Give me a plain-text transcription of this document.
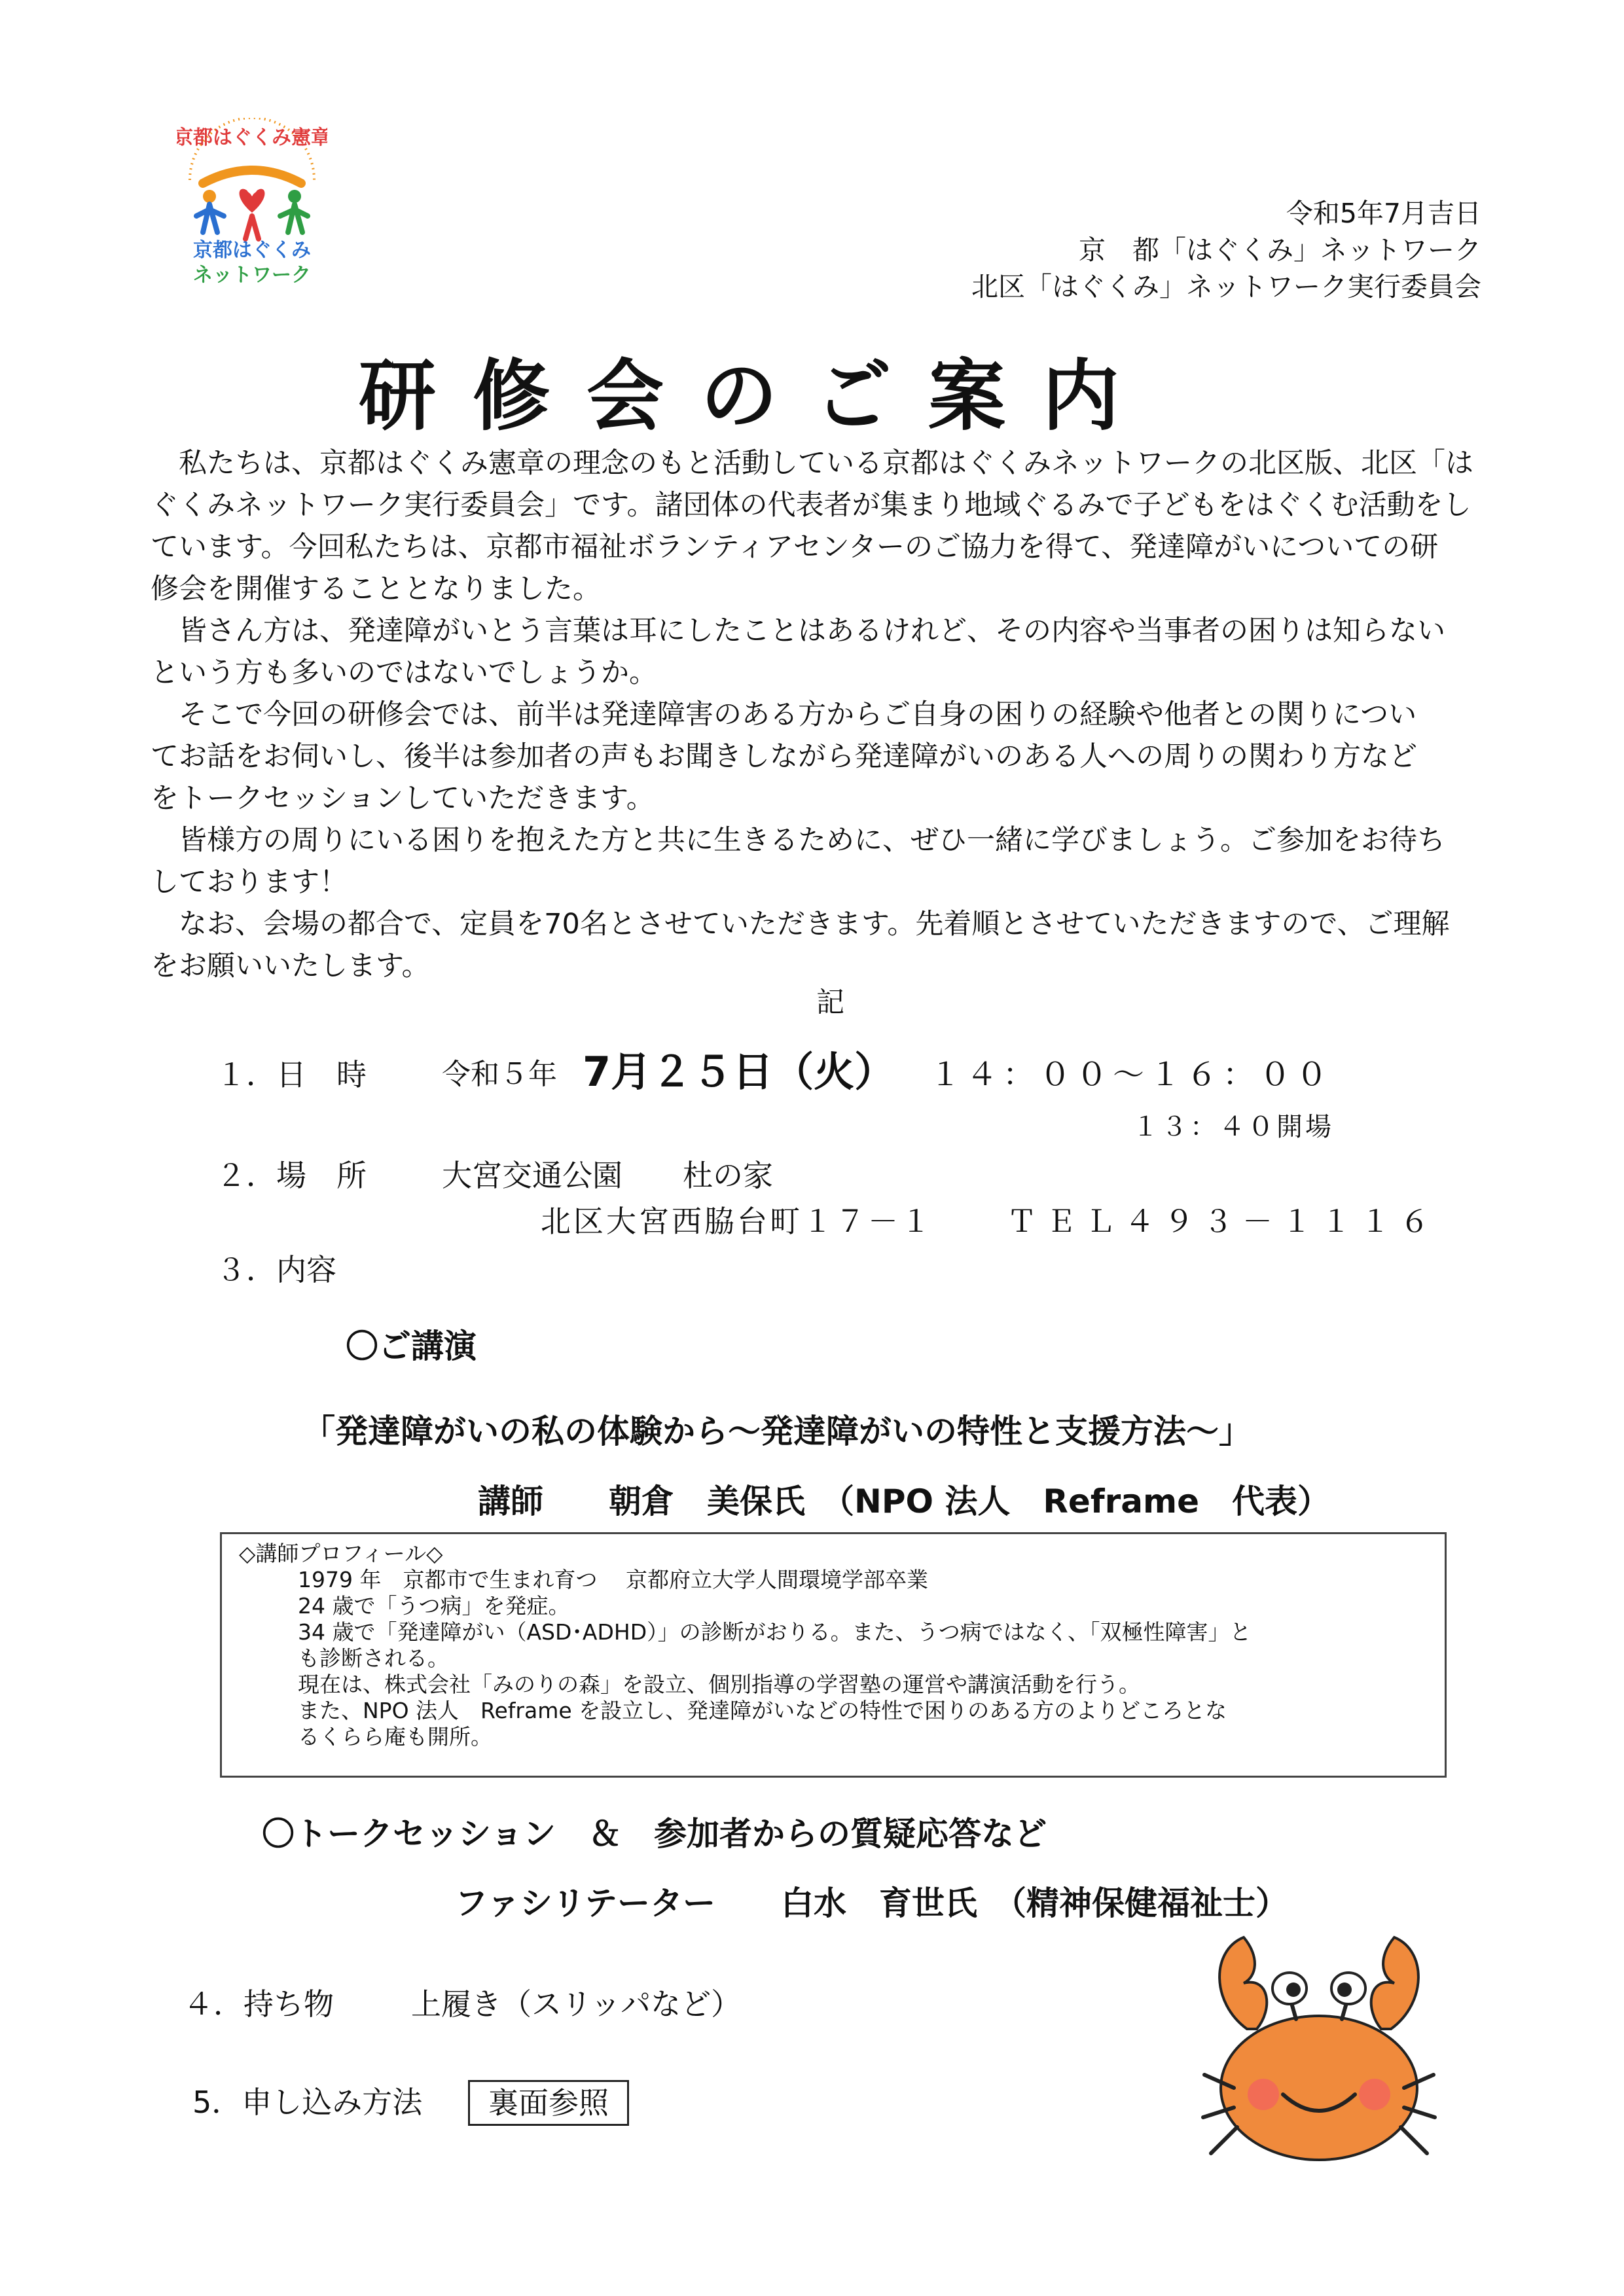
京都はぐくみ憲章
京都はぐくみ
ネットワーク
令和5年7月吉日
京　都「はぐくみ」ネットワーク
北区「はぐくみ」ネットワーク実行委員会
研修会のご案内
　私たちは、京都はぐくみ憲章の理念のもと活動している京都はぐくみネットワークの北区版、北区「は
ぐくみネットワーク実行委員会」です。諸団体の代表者が集まり地域ぐるみで子どもをはぐくむ活動をし
ています。今回私たちは、京都市福祉ボランティアセンターのご協力を得て、発達障がいについての研
修会を開催することとなりました。
　皆さん方は、発達障がいとう言葉は耳にしたことはあるけれど、その内容や当事者の困りは知らない
という方も多いのではないでしょうか。
　そこで今回の研修会では、前半は発達障害のある方からご自身の困りの経験や他者との関りについ
てお話をお伺いし、後半は参加者の声もお聞きしながら発達障がいのある人への周りの関わり方など
をトークセッションしていただきます。
　皆様方の周りにいる困りを抱えた方と共に生きるために、ぜひ一緒に学びましょう。ご参加をお待ち
しております！
　なお、会場の都合で、定員を70名とさせていただきます。先着順とさせていただきますので、ご理解
をお願いいたします。
記
１．日　時	令和５年 7月２５日（火） １４：００～１６：００
１３：４０開場
２．場　所	大宮交通公園　　杜の家
北区大宮西脇台町１７－１ ＴＥＬ４９３－１１１６
３．内容
〇ご講演
「発達障がいの私の体験から～発達障がいの特性と支援方法～」
講師　　朝倉　美保氏　（NPO 法人　Reframe　代表）
◇講師プロフィール◇
1979 年　京都市で生まれ育つ　 京都府立大学人間環境学部卒業
24 歳で「うつ病」を発症。
34 歳で「発達障がい（ASD･ADHD）」の診断がおりる。また、うつ病ではなく、「双極性障害」と
も診断される。
現在は、株式会社「みのりの森」を設立、個別指導の学習塾の運営や講演活動を行う。
また、NPO 法人　Reframe を設立し、発達障がいなどの特性で困りのある方のよりどころとな
るくらら庵も開所。
〇トークセッション　＆　参加者からの質疑応答など
ファシリテーター　　白水　育世氏　（精神保健福祉士）
４．持ち物	上履き（スリッパなど）
5．申し込み方法	裏面参照
